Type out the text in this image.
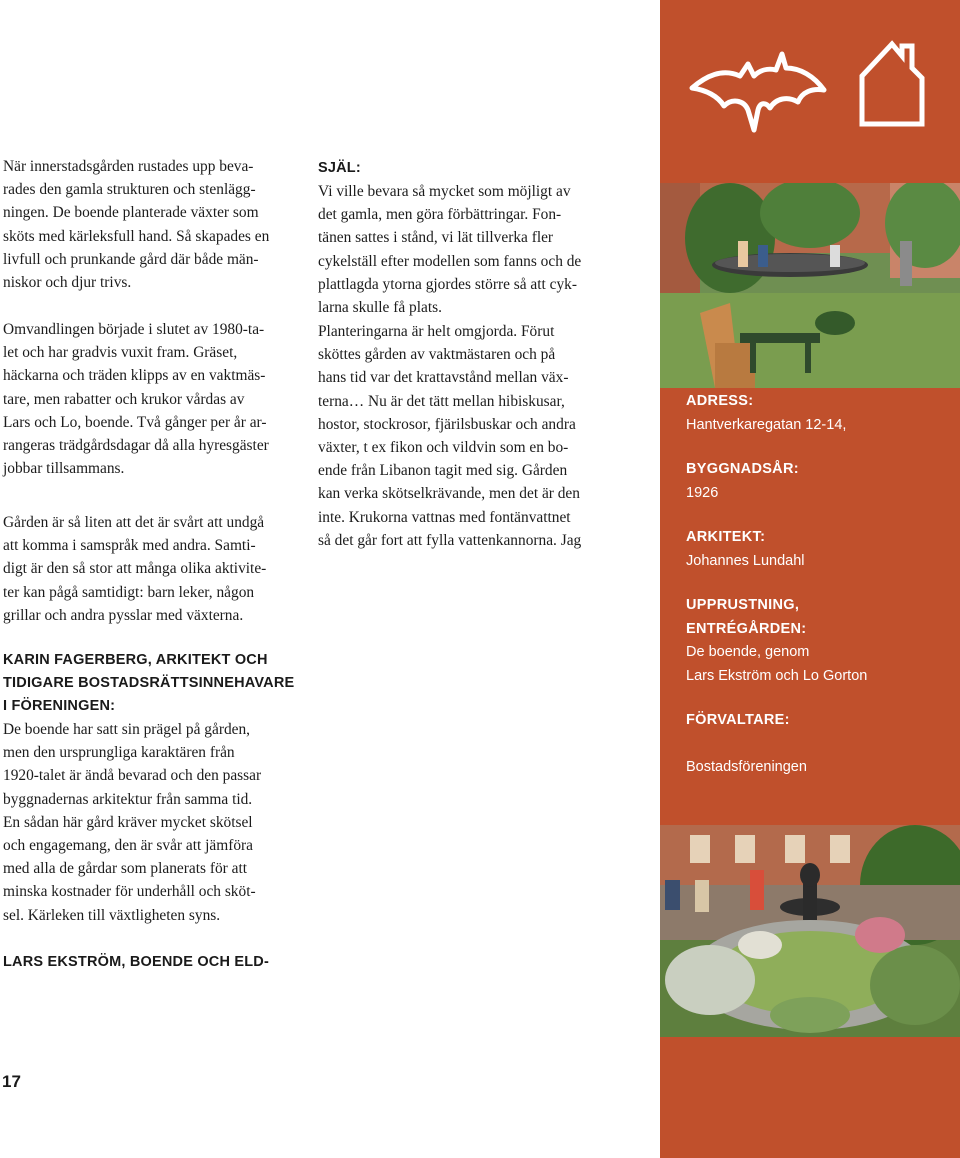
När innerstadsgården rustades upp beva-
rades den gamla strukturen och stenlägg-
ningen. De boende planterade växter som
sköts med kärleksfull hand. Så skapades en
livfull och prunkande gård där både män-
niskor och djur trivs.

Omvandlingen började i slutet av 1980-ta-
let och har gradvis vuxit fram. Gräset,
häckarna och träden klipps av en vaktmäs-
tare, men rabatter och krukor vårdas av
Lars och Lo, boende. Två gånger per år ar-
rangeras trädgårdsdagar då alla hyresgäster
jobbar tillsammans.

Gården är så liten att det är svårt att undgå
att komma i samspråk med andra. Samti-
digt är den så stor att många olika aktivite-
ter kan pågå samtidigt: barn leker, någon
grillar och andra pysslar med växterna.

KARIN FAGERBERG, ARKITEKT OCH
TIDIGARE BOSTADSRÄTTSINNEHAVARE
I FÖRENINGEN:

De boende har satt sin prägel på gården,
men den ursprungliga karaktären från
1920-talet är ändå bevarad och den passar
byggnadernas arkitektur från samma tid.
En sådan här gård kräver mycket skötsel
och engagemang, den är svår att jämföra
med alla de gårdar som planerats för att
minska kostnader för underhåll och sköt-
sel. Kärleken till växtligheten syns.

LARS EKSTRÖM, BOENDE OCH ELD-

SJÄL:

Vi ville bevara så mycket som möjligt av
det gamla, men göra förbättringar. Fon-
tänen sattes i stånd, vi lät tillverka fler
cykelställ efter modellen som fanns och de
plattlagda ytorna gjordes större så att cyk-
larna skulle få plats.

Planteringarna är helt omgjorda. Förut
sköttes gården av vaktmästaren och på
hans tid var det krattavstånd mellan väx-
terna… Nu är det tätt mellan hibiskusar,
hostor, stockrosor, fjärilsbuskar och andra
växter, t ex fikon och vildvin som en bo-
ende från Libanon tagit med sig. Gården
kan verka skötselkrävande, men det är den
inte. Krukorna vattnas med fontänvattnet
så det går fort att fylla vattenkannorna. Jag

17
ADRESS:
Hantverkaregatan 12-14,
BYGGNADSÅR:
1926
ARKITEKT:
Johannes Lundahl
UPPRUSTNING,
ENTRÉGÅRDEN:
De boende, genom
Lars Ekström och Lo Gorton
FÖRVALTARE:
Bostadsföreningen
